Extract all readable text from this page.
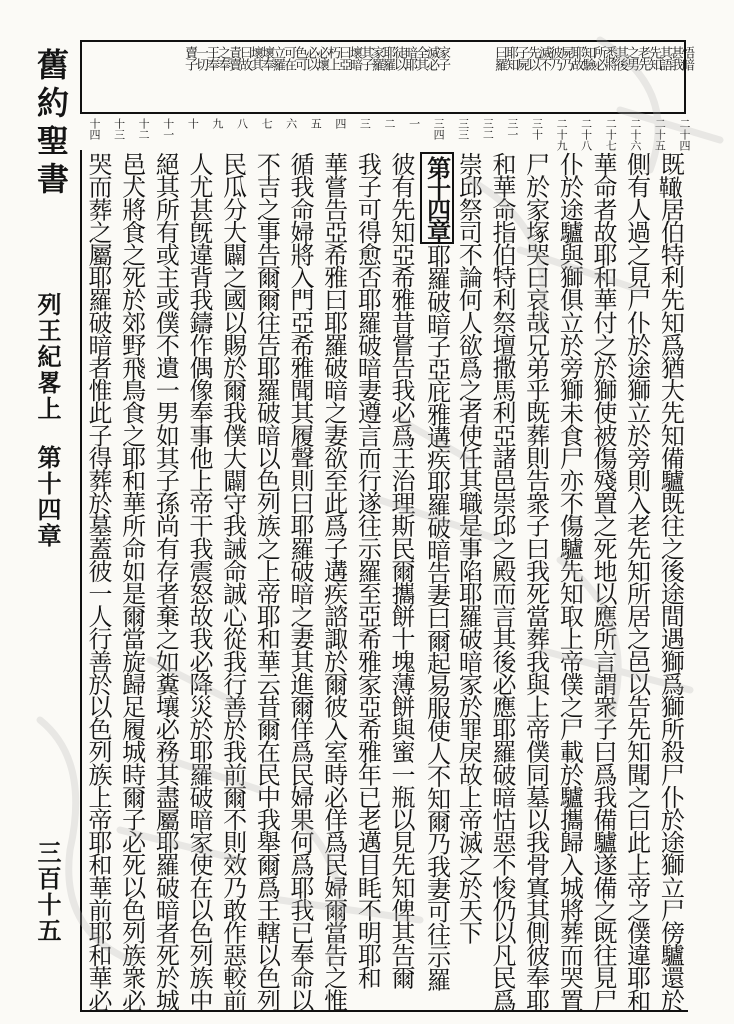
舊約聖書
列王紀畧上
第十四章
三百十五
家子
滅必
全其
暗耶
徒以
耶羅
家羅
其子
壞暗
曰亞
朽上
必壞
必以
色可
可在
立羅
壞奉
壞其
曰故
責賣
之奉
王奉
一切
賣子	悟暗
甚我
其語
先知
老先
之男
其後
悉將
所必
知驗
耶故
屍乃
彼乃
滅不
先以
子屍
耶知
曰羅
十四 十三 十二 十一 十 九 八 七 六 五 四 三 二 一 三四 三三 三二 三一 三十 二十九 二十八 二十七 二十六 二十五 二十四
既𩍉居伯特利先知爲猶大先知備驢既往之後途間遇獅爲獅所殺尸仆於途獅立尸傍驢還於
側有人過之見尸仆於途獅立於旁則入老先知所居之邑以告先知聞之曰此上帝之僕違耶和
華命者故耶和華付之於獅使被傷殘置之死地以應所言謂衆子曰爲我備驢遂備之既往見尸
仆於途驢與獅俱立於旁獅未食尸亦不傷驢先知取上帝僕之尸載於驢攜歸入城將葬而哭置
尸於家塚哭曰哀哉兄弟乎既葬則告衆子曰我死當葬我與上帝僕同墓以我骨寘其側彼奉耶
和華命指伯特利祭壇撒馬利亞諸邑崇邱之殿而言其後必應耶羅破暗怙惡不悛仍以凡民爲
崇邱祭司不論何人欲爲之者使任其職是事陷耶羅破暗家於罪戾故上帝滅之於天下
第十四章耶羅破暗子亞庇雅遘疾耶羅破暗告妻曰爾起易服使人不知爾乃我妻可往示羅
彼有先知亞希雅昔嘗告我必爲王治理斯民爾攜餅十塊薄餅與蜜一瓶以見先知俾其告爾
我子可得愈否耶羅破暗妻遵言而行遂往示羅至亞希雅家亞希雅年已老邁目眊不明耶和
華嘗告亞希雅曰耶羅破暗之妻欲至此爲子遘疾諮諏於爾彼入室時必佯爲民婦爾當告之惟
循我命婦將入門亞希雅聞其履聲則曰耶羅破暗之妻其進爾佯爲民婦果何爲耶我已奉命以
不吉之事告爾爾往告耶羅破暗以色列族之上帝耶和華云昔爾在民中我舉爾爲王轄以色列
民瓜分大闢之國以賜於爾我僕大闢守我誡命誠心從我行善於我前爾不則效乃敢作惡較前
人尤甚旣違背我鑄作偶像奉事他上帝干我震怒故我必降災於耶羅破暗家使在以色列族中
絕其所有或主或僕不遺一男如其子孫尚有存者棄之如糞壤必務其盡屬耶羅破暗者死於城
邑犬將食之死於郊野飛鳥食之耶和華所命如是爾當旋歸足履城時爾子必死以色列族衆必
哭而葬之屬耶羅破暗者惟此子得葬於墓蓋彼一人行善於以色列族上帝耶和華前耶和華必
